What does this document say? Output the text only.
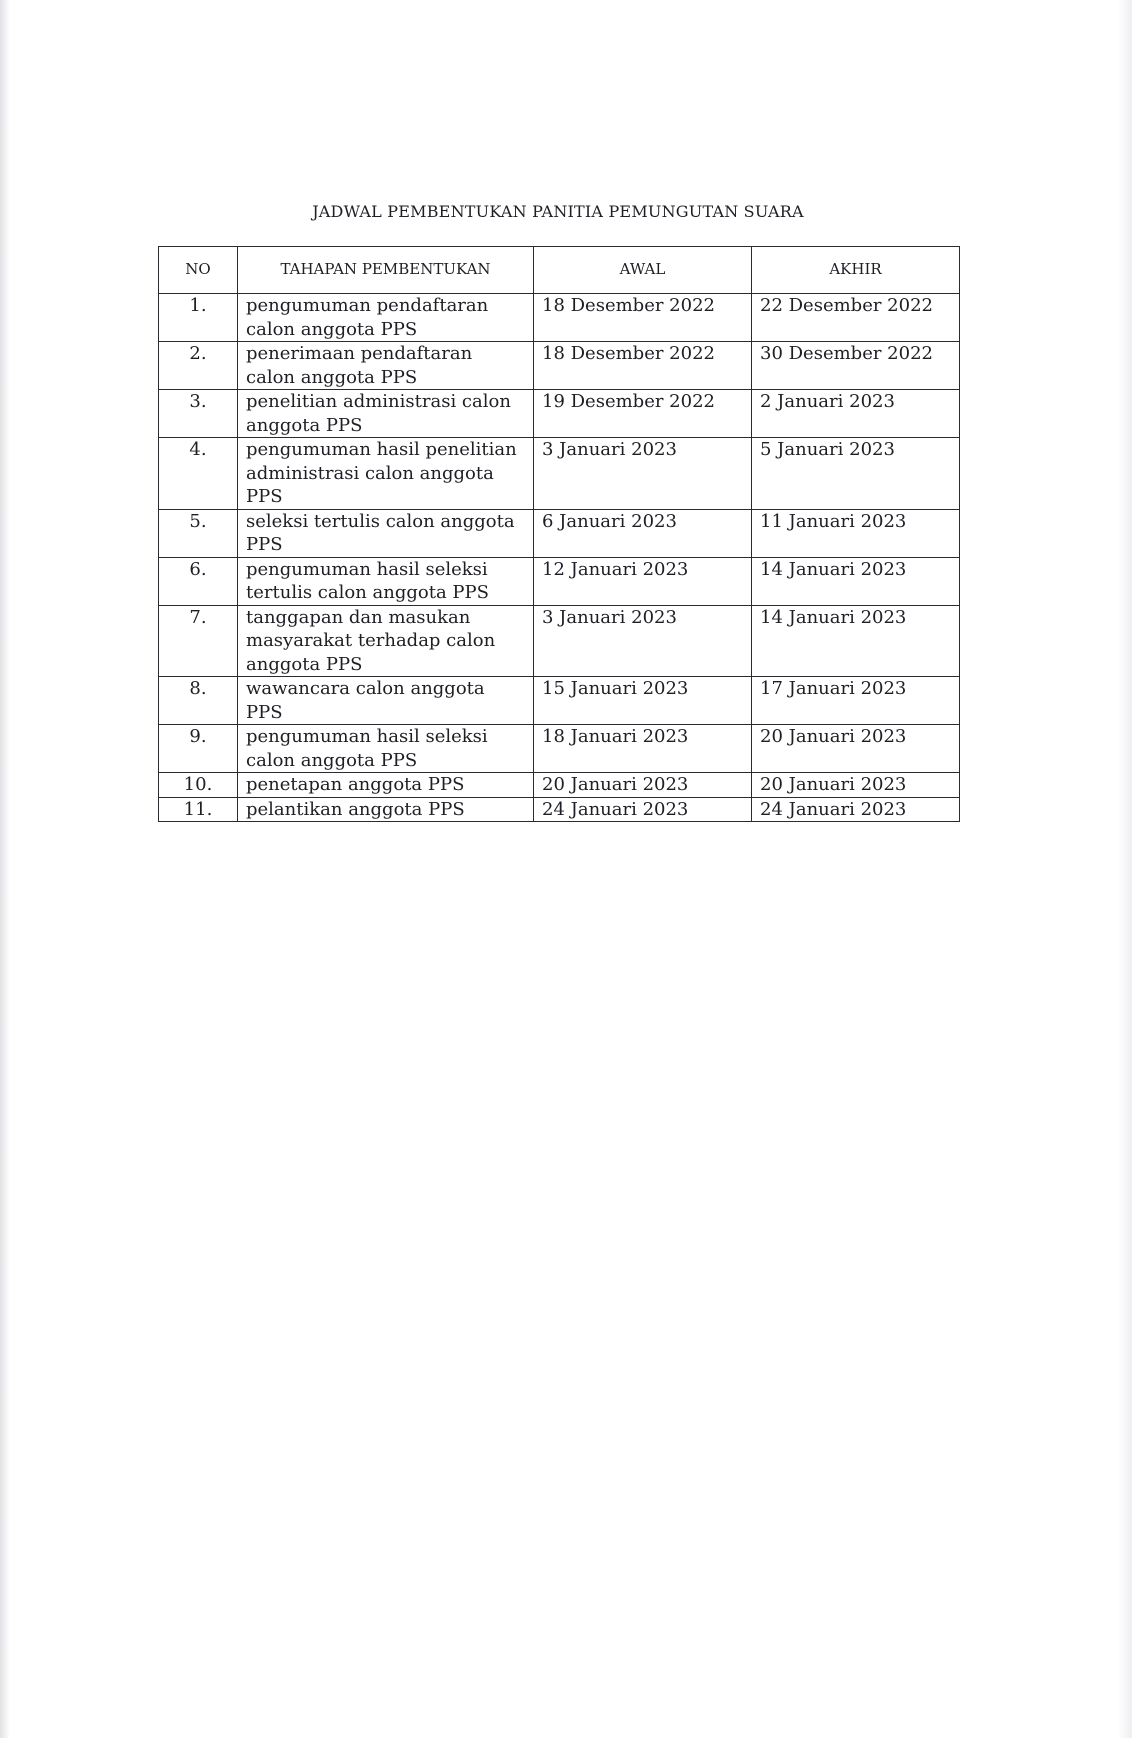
JADWAL PEMBENTUKAN PANITIA PEMUNGUTAN SUARA
NO	TAHAPAN PEMBENTUKAN	AWAL	AKHIR
1.	pengumuman pendaftaran calon anggota PPS	18 Desember 2022	22 Desember 2022
2.	penerimaan pendaftaran calon anggota PPS	18 Desember 2022	30 Desember 2022
3.	penelitian administrasi calon anggota PPS	19 Desember 2022	2 Januari 2023
4.	pengumuman hasil penelitian administrasi calon anggota PPS	3 Januari 2023	5 Januari 2023
5.	seleksi tertulis calon anggota PPS	6 Januari 2023	11 Januari 2023
6.	pengumuman hasil seleksi tertulis calon anggota PPS	12 Januari 2023	14 Januari 2023
7.	tanggapan dan masukan masyarakat terhadap calon anggota PPS	3 Januari 2023	14 Januari 2023
8.	wawancara calon anggota PPS	15 Januari 2023	17 Januari 2023
9.	pengumuman hasil seleksi calon anggota PPS	18 Januari 2023	20 Januari 2023
10.	penetapan anggota PPS	20 Januari 2023	20 Januari 2023
11.	pelantikan anggota PPS	24 Januari 2023	24 Januari 2023
